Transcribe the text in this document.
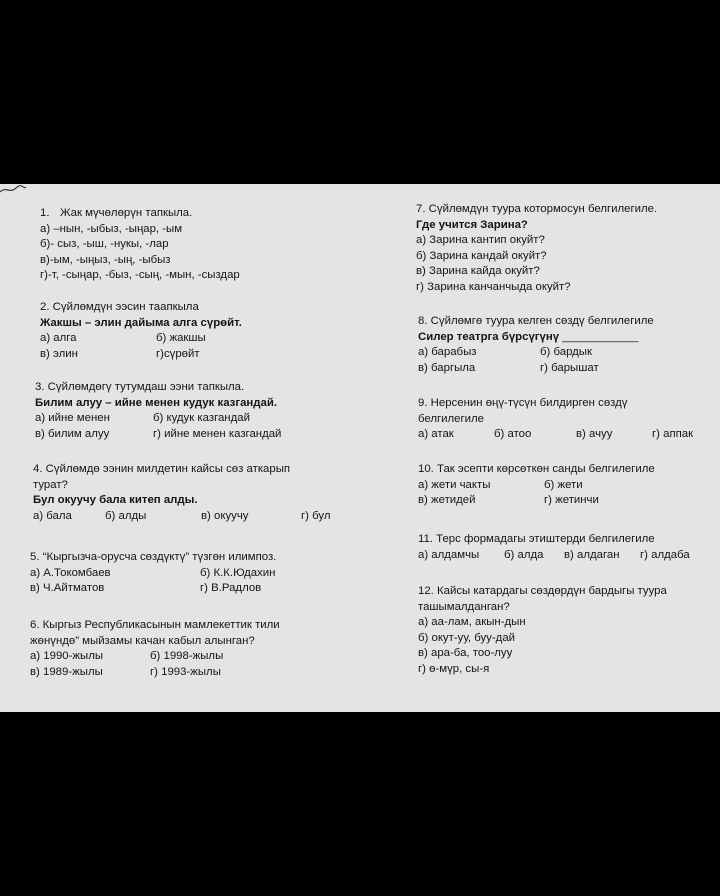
1. Жак мүчөлөрүн тапкыла.
а) –нын, -ыбыз, -ыңар, -ым
б)- сыз, -ыш, -нукы, -лар
в)-ым, -ыңыз, -ың, -ыбыз
г)-т, -сыңар, -быз, -сың, -мын, -сыздар
2. Сүйлөмдүн ээсин таапкыла
Жакшы – элин дайыма алга сүрөйт.
а) алга	б) жакшы
в) элин	г)сүрөйт
3. Сүйлөмдөгү тутумдаш ээни тапкыла.
Билим алуу – ийне менен кудук казгандай.
а) ийне менен	б) кудук казгандай
в) билим алуу	г) ийне менен казгандай
4. Сүйлөмдө ээнин милдетин кайсы сөз аткарып
турат?
Бул окуучу бала китеп алды.
а) бала	б) алды	в) окуучу	г) бул
5. “Кыргызча-орусча сөздүктү” түзгөн илимпоз.
а) А.Токомбаев	б) К.К.Юдахин
в) Ч.Айтматов	г) В.Радлов
6. Кыргыз Республикасынын мамлекеттик тили
жөнүндө” мыйзамы качан кабыл алынган?
а) 1990-жылы	б) 1998-жылы
в) 1989-жылы	г) 1993-жылы
7. Сүйлөмдүн туура котормосун белгилегиле.
Где учится Зарина?
а) Зарина кантип окуйт?
б) Зарина кандай окуйт?
в) Зарина кайда окуйт?
г) Зарина канчанчыда окуйт?
8. Сүйлөмгө туура келген сөздү белгилегиле
Силер театрга бүрсүгүнү ____________
а) барабыз	б) бардык
в) баргыла	г) барышат
9. Нерсенин өңү-түсүн билдирген сөздү
белгилегиле
а) атак	б) атоо	в) ачуу	г) аппак
10. Так эсепти көрсөткөн санды белгилегиле
а) жети чакты	б) жети
в) жетидей	г) жетинчи
11. Терс формадагы этиштерди белгилегиле
а) алдамчы б) алда в) алдаган г) алдаба
12. Кайсы катардагы сөздөрдүн бардыгы туура
ташымалданган?
а) аа-лам, акын-дын
б) окут-уу, буу-дай
в) ара-ба, тоо-луу
г) ө-мүр, сы-я
